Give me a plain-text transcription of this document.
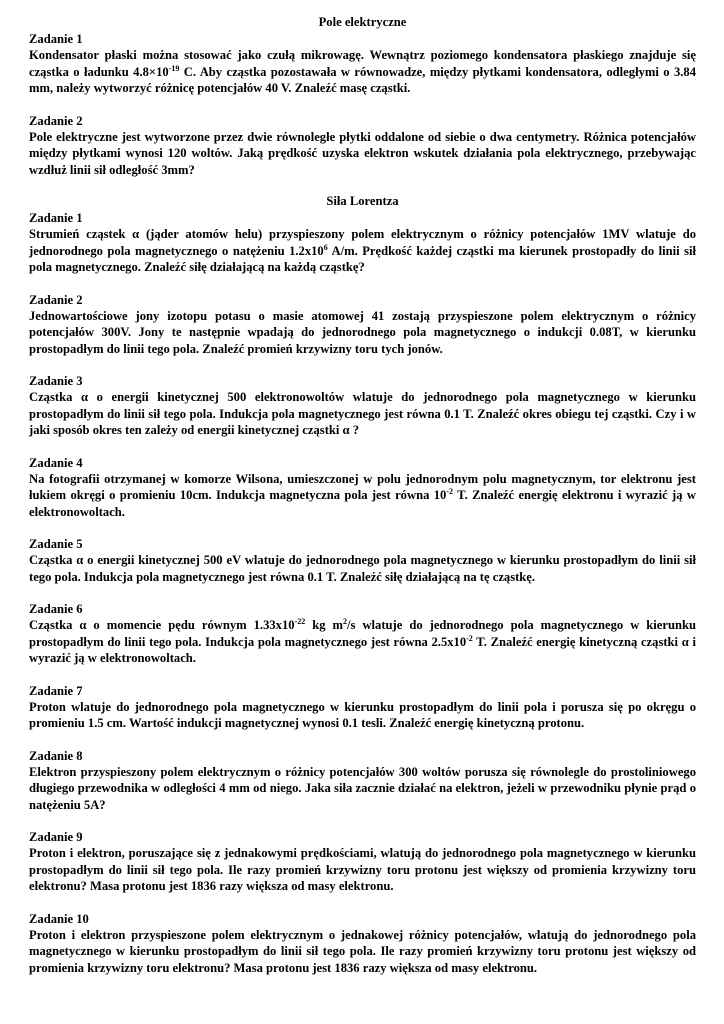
Pole elektryczne

Zadanie 1

Kondensator płaski można stosować jako czułą mikrowagę. Wewnątrz poziomego kondensatora płaskiego znajduje się cząstka o ładunku $4.8\times 10^{-19}$ C. Aby cząstka pozostawała w równowadze, między płytkami kondensatora, odległymi o 3.84 mm, należy wytworzyć różnicę potencjałów 40 V. Znaleźć masę cząstki.

Zadanie 2

Pole elektryczne jest wytworzone przez dwie równoległe płytki oddalone od siebie o dwa centymetry. Różnica potencjałów między płytkami wynosi 120 woltów. Jaką prędkość uzyska elektron wskutek działania pola elektrycznego, przebywając wzdłuż linii sił odległość 3mm?

Siła Lorentza

Zadanie 1

Strumień cząstek α (jąder atomów helu) przyspieszony polem elektrycznym o różnicy potencjałów 1MV wlatuje do jednorodnego pola magnetycznego o natężeniu $1.2x10^6$ A/m. Prędkość każdej cząstki ma kierunek prostopadły do linii sił pola magnetycznego. Znaleźć siłę działającą na każdą cząstkę?

Zadanie 2

Jednowartościowe jony izotopu potasu o masie atomowej 41 zostają przyspieszone polem elektrycznym o różnicy potencjałów 300V. Jony te następnie wpadają do jednorodnego pola magnetycznego o indukcji 0.08T, w kierunku prostopadłym do linii tego pola. Znaleźć promień krzywizny toru tych jonów.

Zadanie 3

Cząstka α o energii kinetycznej 500 elektronowoltów wlatuje do jednorodnego pola magnetycznego w kierunku prostopadłym do linii sił tego pola. Indukcja pola magnetycznego jest równa 0.1 T. Znaleźć okres obiegu tej cząstki. Czy i w jaki sposób okres ten zależy od energii kinetycznej cząstki α ?

Zadanie 4

Na fotografii otrzymanej w komorze Wilsona, umieszczonej w polu jednorodnym polu magnetycznym, tor elektronu jest łukiem okręgi o promieniu 10cm. Indukcja magnetyczna pola jest równa $10^{-2}$ T. Znaleźć energię elektronu i wyrazić ją w elektronowoltach.

Zadanie 5

Cząstka α o energii kinetycznej 500 eV wlatuje do jednorodnego pola magnetycznego w kierunku prostopadłym do linii sił tego pola. Indukcja pola magnetycznego jest równa 0.1 T. Znaleźć siłę działającą na tę cząstkę.

Zadanie 6

Cząstka α o momencie pędu równym $1.33x10^{-22}$ kg $m^2/s$ wlatuje do jednorodnego pola magnetycznego w kierunku prostopadłym do linii tego pola. Indukcja pola magnetycznego jest równa $2.5x10^{-2}$ T. Znaleźć energię kinetyczną cząstki α i wyrazić ją w elektronowoltach.

Zadanie 7

Proton wlatuje do jednorodnego pola magnetycznego w kierunku prostopadłym do linii pola i porusza się po okręgu o promieniu 1.5 cm. Wartość indukcji magnetycznej wynosi 0.1 tesli. Znaleźć energię kinetyczną protonu.

Zadanie 8

Elektron przyspieszony polem elektrycznym o różnicy potencjałów 300 woltów porusza się równolegle do prostoliniowego długiego przewodnika w odległości 4 mm od niego. Jaka siła zacznie działać na elektron, jeżeli w przewodniku płynie prąd o natężeniu 5A?

Zadanie 9

Proton i elektron, poruszające się z jednakowymi prędkościami, wlatują do jednorodnego pola magnetycznego w kierunku prostopadłym do linii sił tego pola. Ile razy promień krzywizny toru protonu jest większy od promienia krzywizny toru elektronu? Masa protonu jest 1836 razy większa od masy elektronu.

Zadanie 10

Proton i elektron przyspieszone polem elektrycznym o jednakowej różnicy potencjałów, wlatują do jednorodnego pola magnetycznego w kierunku prostopadłym do linii sił tego pola. Ile razy promień krzywizny toru protonu jest większy od promienia krzywizny toru elektronu? Masa protonu jest 1836 razy większa od masy elektronu.
